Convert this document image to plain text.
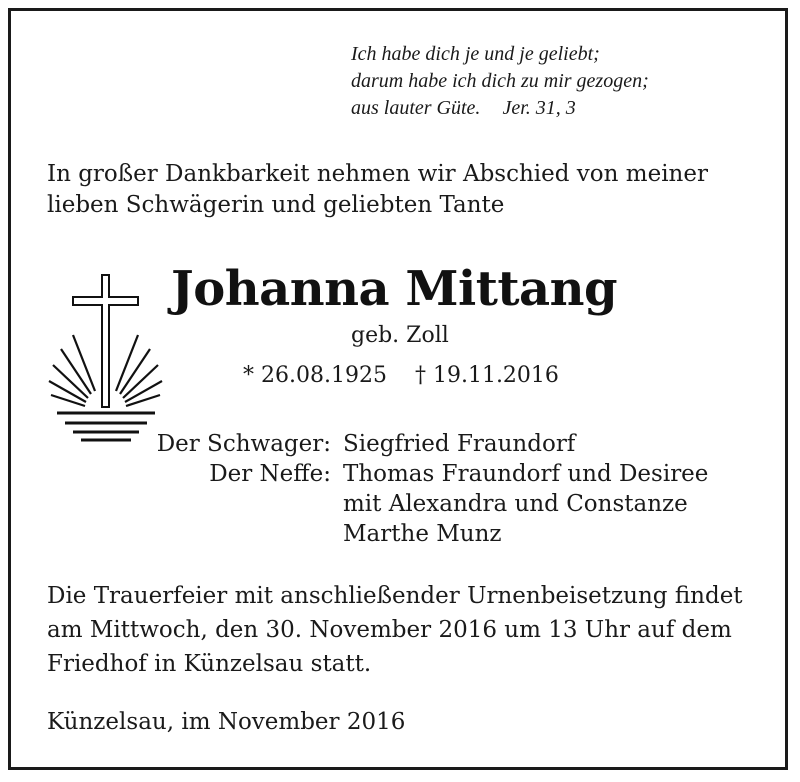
Ich habe dich je und je geliebt;
darum habe ich dich zu mir gezogen;
aus lauter Güte. Jer. 31, 3
In großer Dankbarkeit nehmen wir Abschied von meiner
lieben Schwägerin und geliebten Tante
Johanna Mittang
geb. Zoll
* 26.08.1925 † 19.11.2016
Der Schwager: Siegfried Fraundorf
Der Neffe: Thomas Fraundorf und Desiree
mit Alexandra und Constanze
Marthe Munz
Die Trauerfeier mit anschließender Urnenbeisetzung findet
am Mittwoch, den 30. November 2016 um 13 Uhr auf dem
Friedhof in Künzelsau statt.
Künzelsau, im November 2016
